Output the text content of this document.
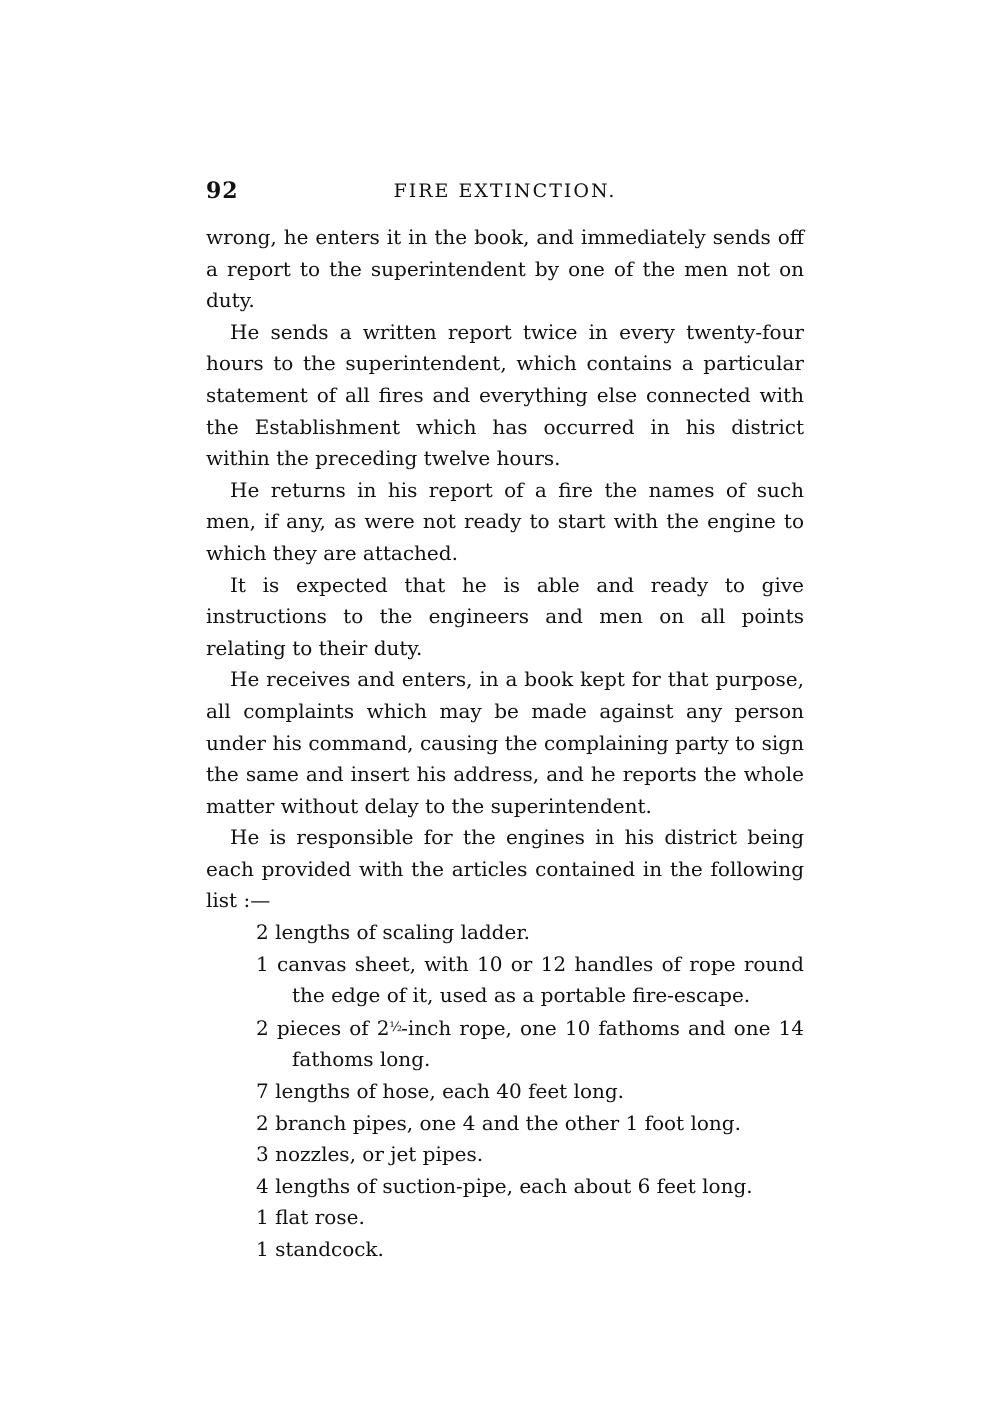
92	FIRE EXTINCTION.

wrong, he enters it in the book, and immediately sends off a report to the superintendent by one of the men not on duty.

He sends a written report twice in every twenty-four hours to the superintendent, which contains a particular statement of all fires and everything else connected with the Establishment which has occurred in his district within the preceding twelve hours.

He returns in his report of a fire the names of such men, if any, as were not ready to start with the engine to which they are attached.

It is expected that he is able and ready to give instructions to the engineers and men on all points relating to their duty.

He receives and enters, in a book kept for that purpose, all complaints which may be made against any person under his command, causing the complaining party to sign the same and insert his address, and he reports the whole matter without delay to the superintendent.

He is responsible for the engines in his district being each provided with the articles contained in the following list :—

2 lengths of scaling ladder.
1 canvas sheet, with 10 or 12 handles of rope round the edge of it, used as a portable fire-escape.
2 pieces of $2^{\frac{1}{2}}$-inch rope, one 10 fathoms and one 14 fathoms long.
7 lengths of hose, each 40 feet long.
2 branch pipes, one 4 and the other 1 foot long.
3 nozzles, or jet pipes.
4 lengths of suction-pipe, each about 6 feet long.
1 flat rose.
1 standcock.
